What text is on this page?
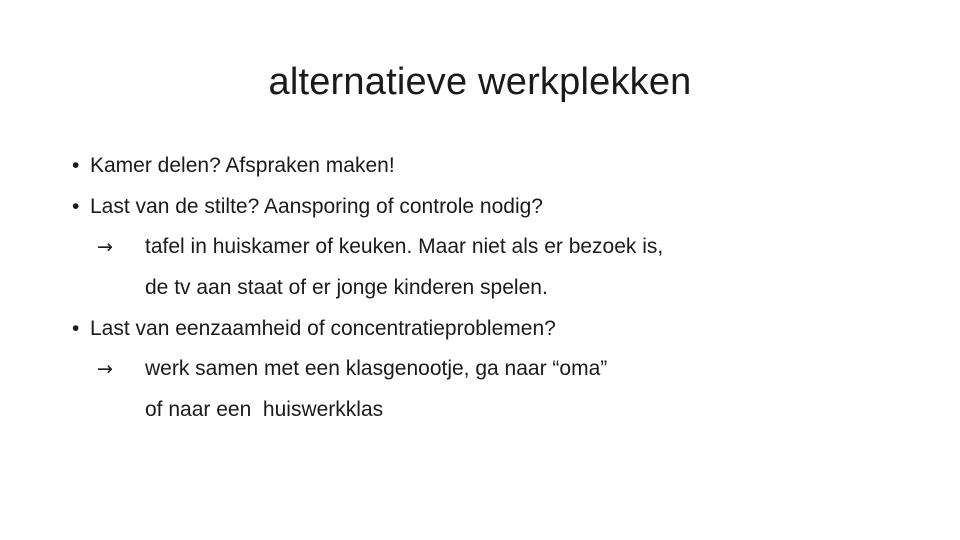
alternatieve werkplekken
• Kamer delen? Afspraken maken!
• Last van de stilte? Aansporing of controle nodig?
→ tafel in huiskamer of keuken. Maar niet als er bezoek is,
de tv aan staat of er jonge kinderen spelen.
• Last van eenzaamheid of concentratieproblemen?
→ werk samen met een klasgenootje, ga naar “oma”
of naar een  huiswerkklas
